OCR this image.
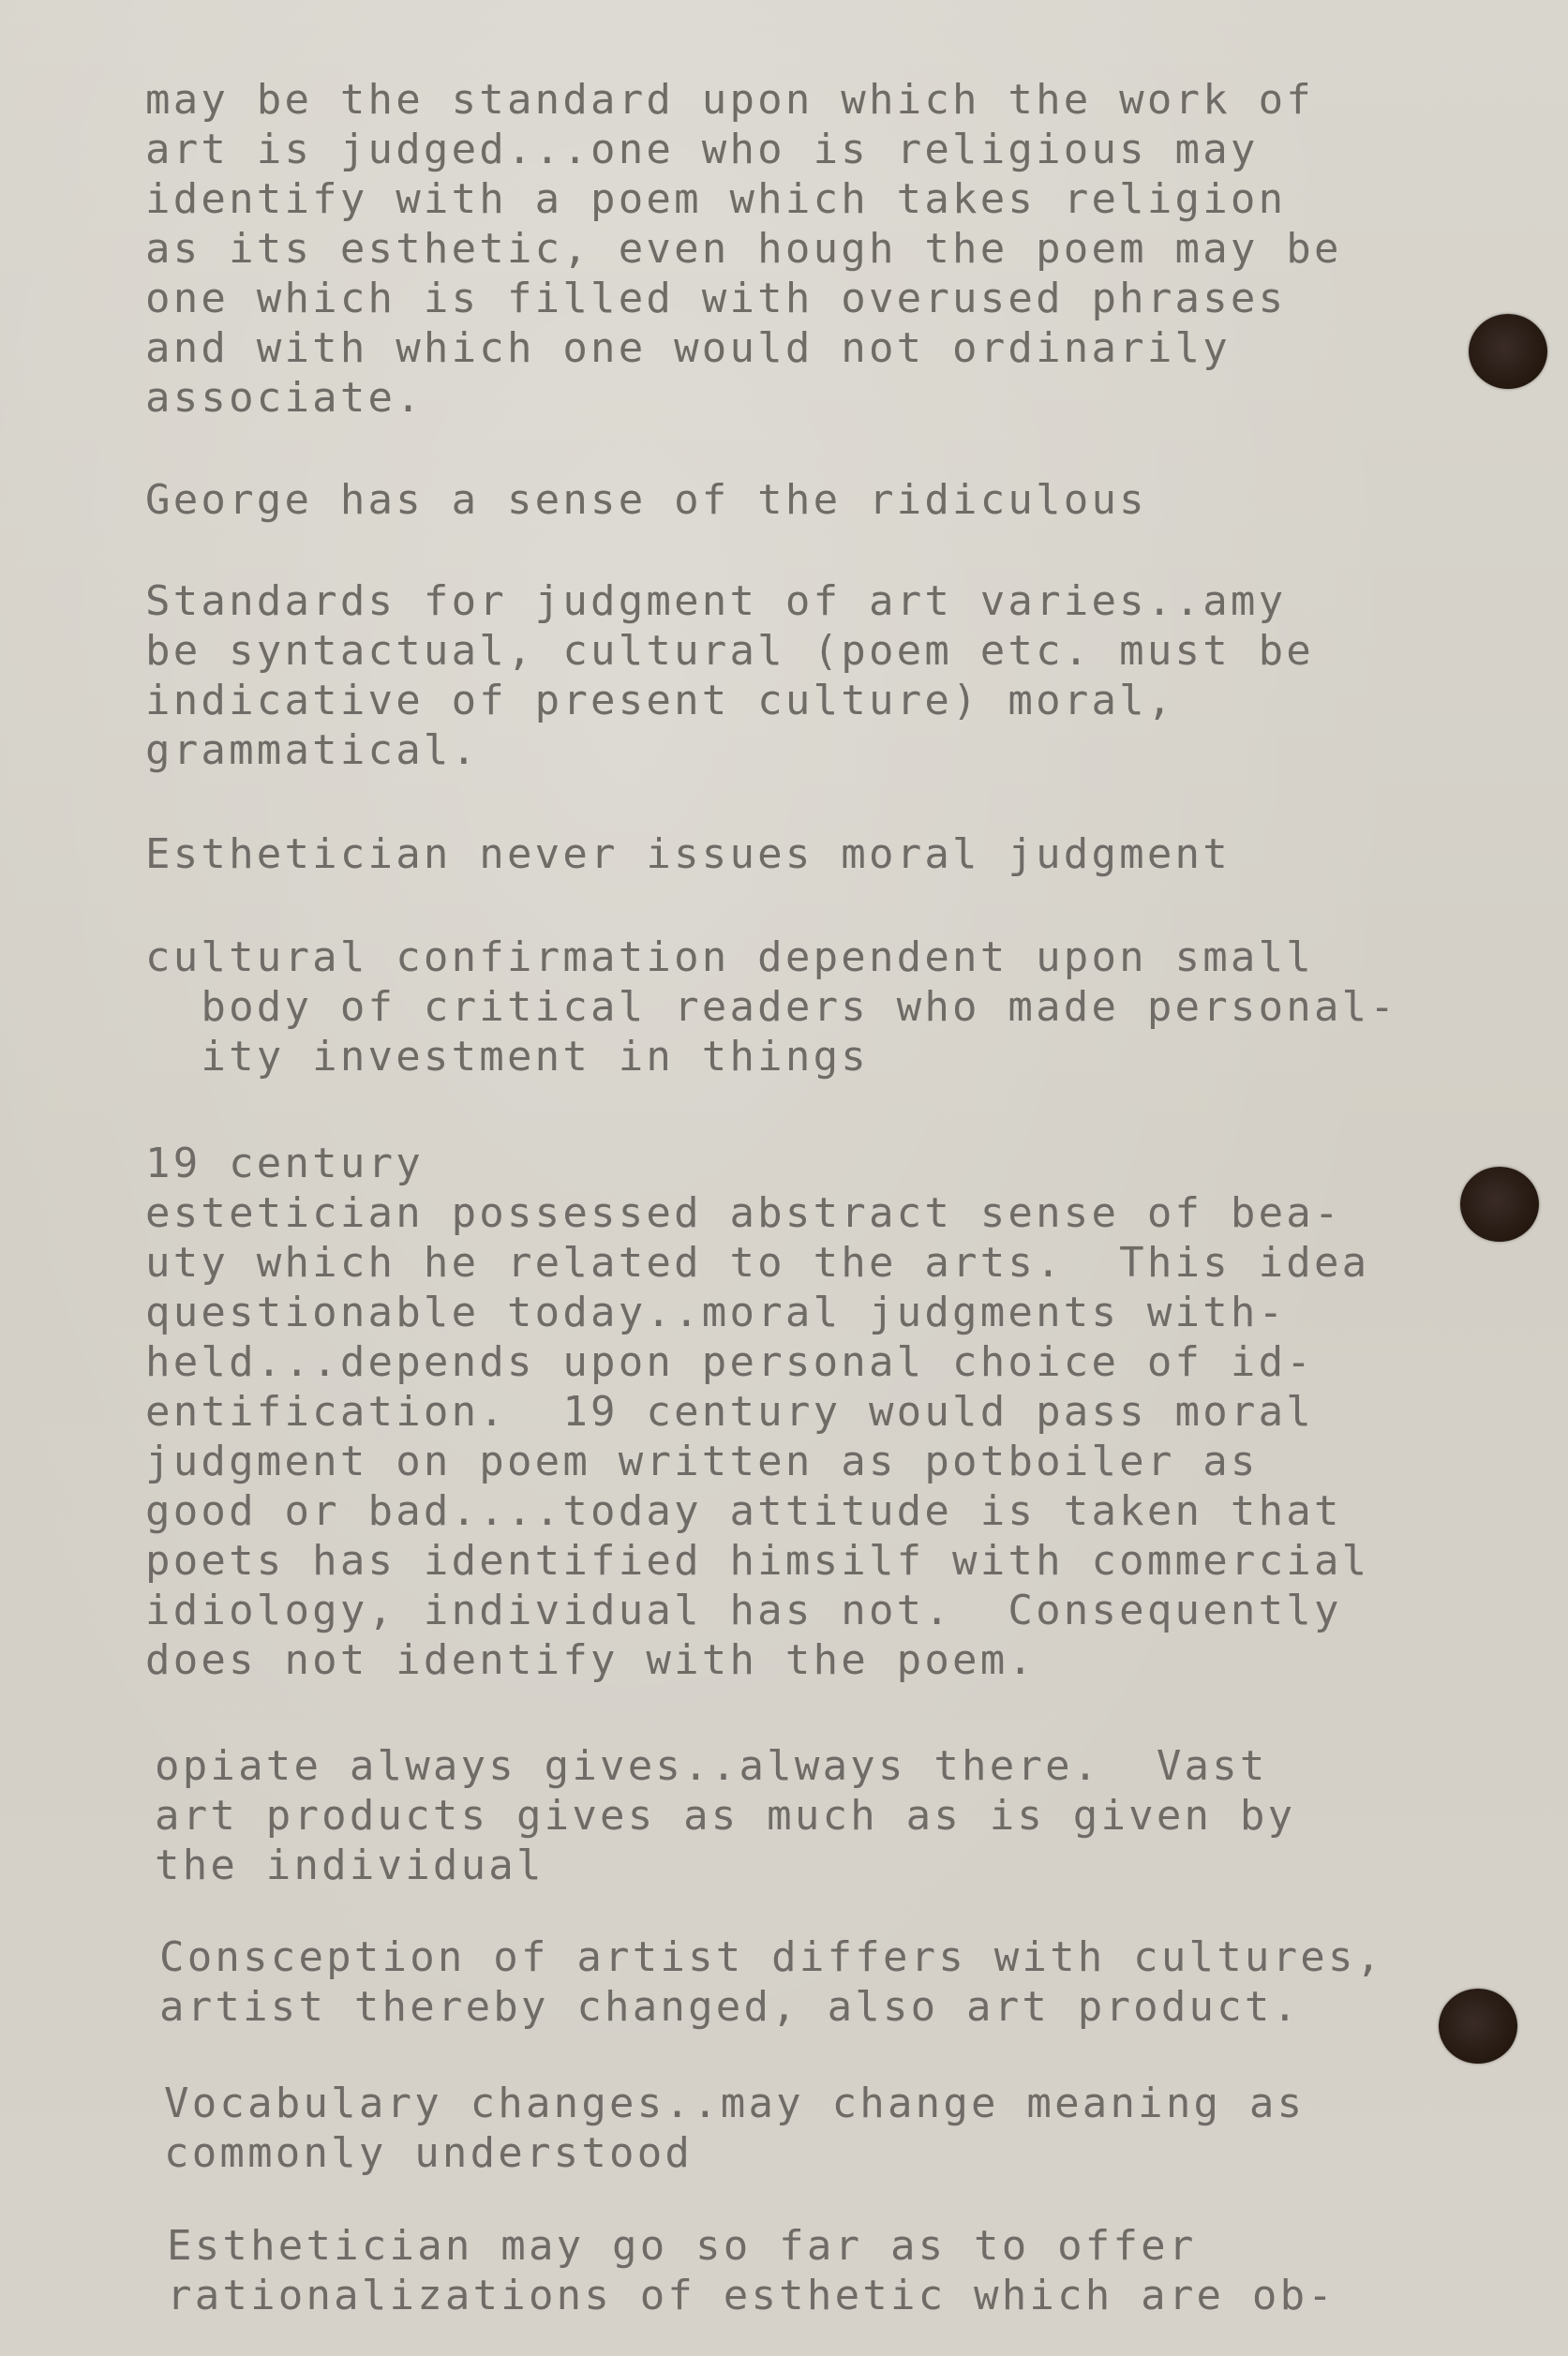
may be the standard upon which the work of
art is judged...one who is religious may
identify with a poem which takes religion
as its esthetic, even hough the poem may be
one which is filled with overused phrases
and with which one would not ordinarily
associate.
George has a sense of the ridiculous
Standards for judgment of art varies..amy
be syntactual, cultural (poem etc. must be
indicative of present culture) moral,
grammatical.
Esthetician never issues moral judgment
cultural confirmation dependent upon small
body of critical readers who made personal-
ity investment in things
19 century
estetician possessed abstract sense of bea-
uty which he related to the arts.  This idea
questionable today..moral judgments with-
held...depends upon personal choice of id-
entification.  19 century would pass moral
judgment on poem written as potboiler as
good or bad....today attitude is taken that
poets has identified himsilf with commercial
idiology, individual has not.  Consequently
does not identify with the poem.
opiate always gives..always there.  Vast
art products gives as much as is given by
the individual
Consception of artist differs with cultures,
artist thereby changed, also art product.
Vocabulary changes..may change meaning as
commonly understood
Esthetician may go so far as to offer
rationalizations of esthetic which are ob-
